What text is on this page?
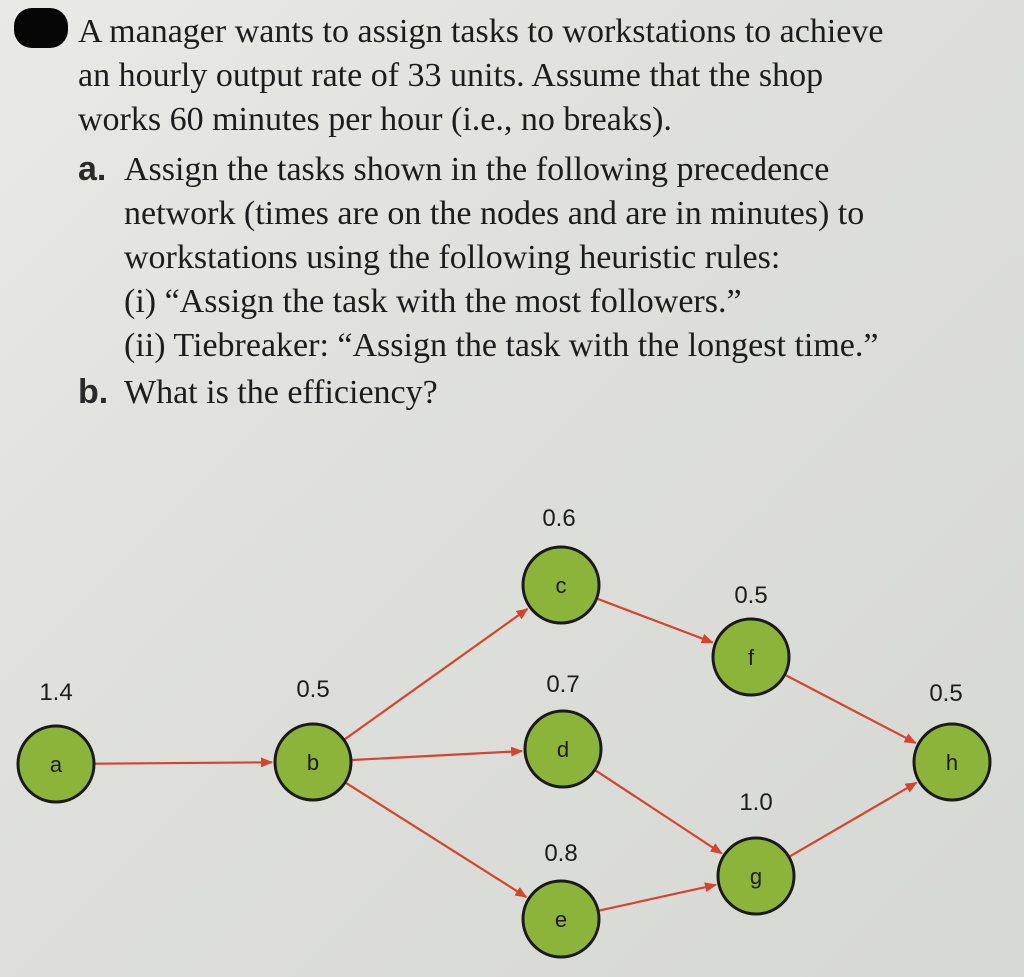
A manager wants to assign tasks to workstations to achieve
an hourly output rate of 33 units. Assume that the shop
works 60 minutes per hour (i.e., no breaks).
a. Assign the tasks shown in the following precedence
network (times are on the nodes and are in minutes) to
workstations using the following heuristic rules:
(i) “Assign the task with the most followers.”
(ii) Tiebreaker: “Assign the task with the longest time.”
b. What is the efficiency?
a
1.4
b
0.5
c
0.6
d
0.7
e
0.8
f
0.5
g
1.0
h
0.5
